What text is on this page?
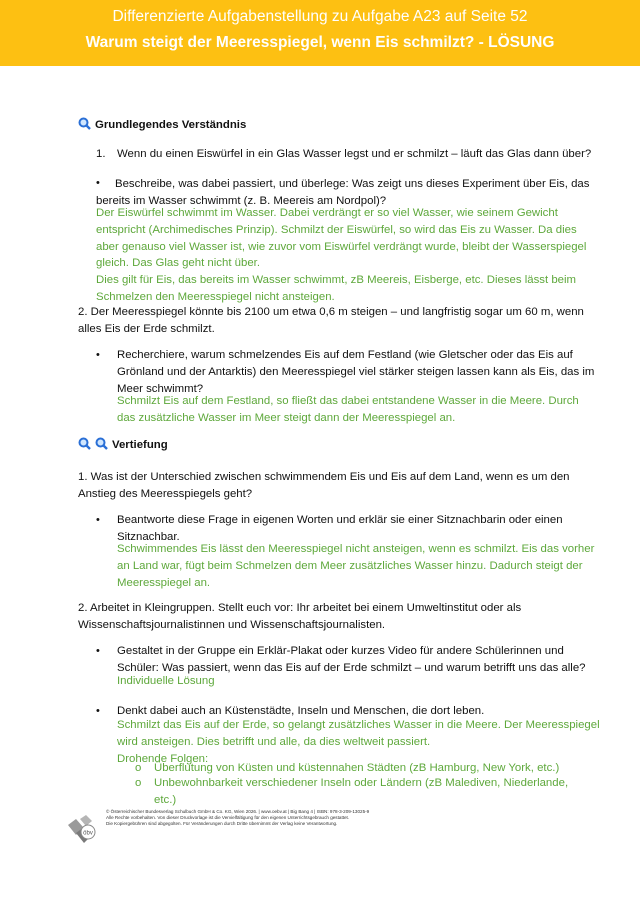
Differenzierte Aufgabenstellung zu Aufgabe A23 auf Seite 52
Warum steigt der Meeresspiegel, wenn Eis schmilzt? - LÖSUNG
Grundlegendes Verständnis
1. Wenn du einen Eiswürfel in ein Glas Wasser legst und er schmilzt – läuft das Glas dann über?
• Beschreibe, was dabei passiert, und überlege: Was zeigt uns dieses Experiment über Eis, das
bereits im Wasser schwimmt (z. B. Meereis am Nordpol)?
Der Eiswürfel schwimmt im Wasser. Dabei verdrängt er so viel Wasser, wie seinem Gewicht
entspricht (Archimedisches Prinzip). Schmilzt der Eiswürfel, so wird das Eis zu Wasser. Da dies
aber genauso viel Wasser ist, wie zuvor vom Eiswürfel verdrängt wurde, bleibt der Wasserspiegel
gleich. Das Glas geht nicht über.
Dies gilt für Eis, das bereits im Wasser schwimmt, zB Meereis, Eisberge, etc. Dieses lässt beim
Schmelzen den Meeresspiegel nicht ansteigen.
2. Der Meeresspiegel könnte bis 2100 um etwa 0,6 m steigen – und langfristig sogar um 60 m, wenn
alles Eis der Erde schmilzt.
• Recherchiere, warum schmelzendes Eis auf dem Festland (wie Gletscher oder das Eis auf
Grönland und der Antarktis) den Meeresspiegel viel stärker steigen lassen kann als Eis, das im
Meer schwimmt?
Schmilzt Eis auf dem Festland, so fließt das dabei entstandene Wasser in die Meere. Durch
das zusätzliche Wasser im Meer steigt dann der Meeresspiegel an.
Vertiefung
1. Was ist der Unterschied zwischen schwimmendem Eis und Eis auf dem Land, wenn es um den
Anstieg des Meeresspiegels geht?
• Beantworte diese Frage in eigenen Worten und erklär sie einer Sitznachbarin oder einen
Sitznachbar.
Schwimmendes Eis lässt den Meeresspiegel nicht ansteigen, wenn es schmilzt. Eis das vorher
an Land war, fügt beim Schmelzen dem Meer zusätzliches Wasser hinzu. Dadurch steigt der
Meeresspiegel an.
2. Arbeitet in Kleingruppen. Stellt euch vor: Ihr arbeitet bei einem Umweltinstitut oder als
Wissenschaftsjournalistinnen und Wissenschaftsjournalisten.
• Gestaltet in der Gruppe ein Erklär-Plakat oder kurzes Video für andere Schülerinnen und
Schüler: Was passiert, wenn das Eis auf der Erde schmilzt – und warum betrifft uns das alle?
Individuelle Lösung
• Denkt dabei auch an Küstenstädte, Inseln und Menschen, die dort leben.
Schmilzt das Eis auf der Erde, so gelangt zusätzliches Wasser in die Meere. Der Meeresspiegel
wird ansteigen. Dies betrifft und alle, da dies weltweit passiert.
Drohende Folgen:
o Überflutung von Küsten und küstennahen Städten (zB Hamburg, New York, etc.)
o Unbewohnbarkeit verschiedener Inseln oder Ländern (zB Malediven, Niederlande,
etc.)
öbv
© Österreichischer Bundesverlag Schulbuch GmbH & Co. KG, Wien 2026. | www.oebv.at | Big Bang 4 | ISBN: 978-3-209-13025-9
Alle Rechte vorbehalten. Von dieser Druckvorlage ist die Vervielfältigung für den eigenen Unterrichtsgebrauch gestattet.
Die Kopiergebühren sind abgegolten. Für Veränderungen durch Dritte übernimmt der Verlag keine Verantwortung.
